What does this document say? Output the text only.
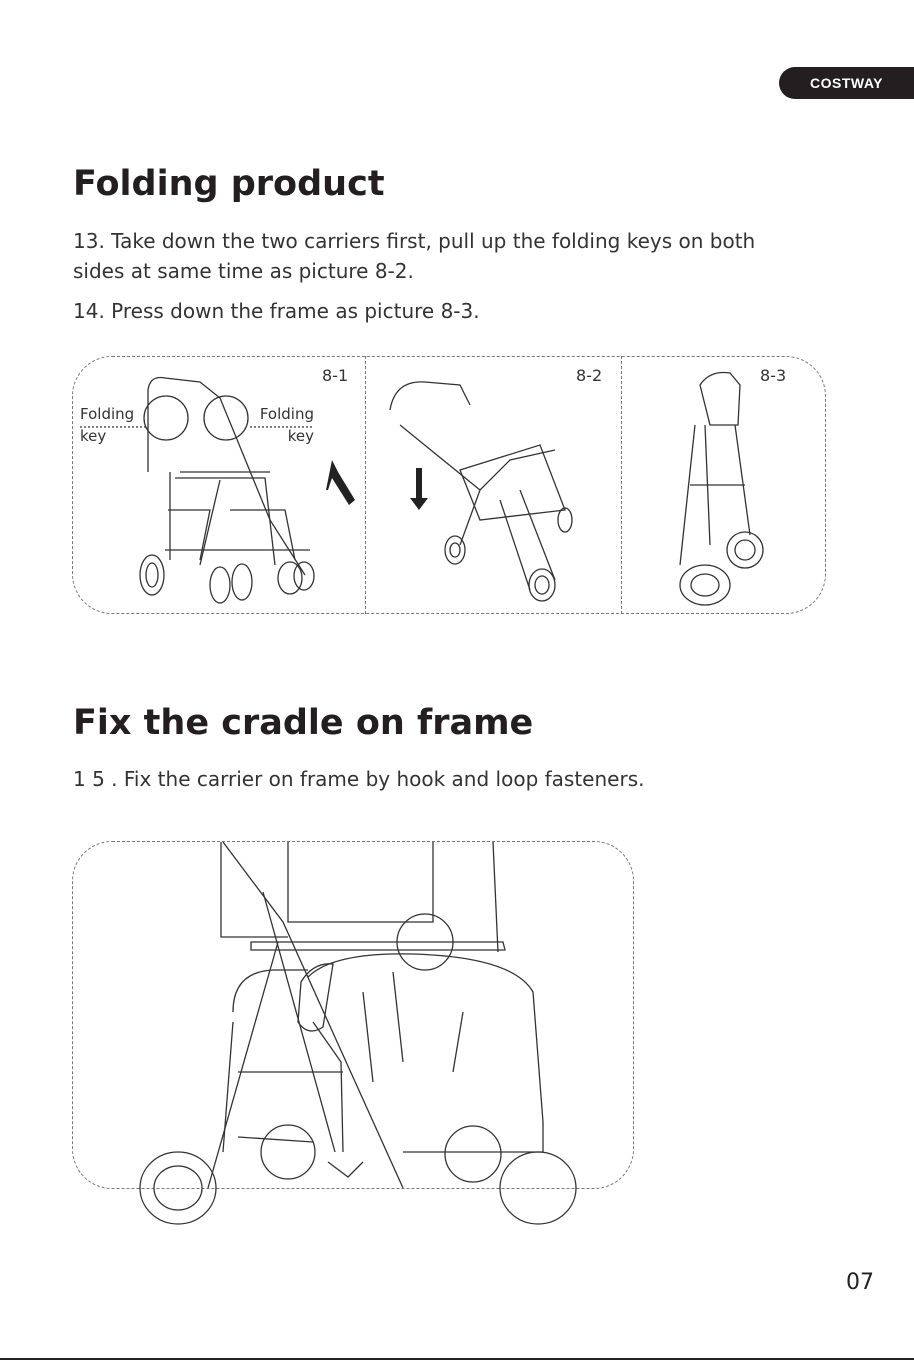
COSTWAY
Folding product

13. Take down the two carriers first, pull up the folding keys on both sides at same time as picture 8-2.

14. Press down the frame as picture 8-3.

8-1	8-2	8-3
Folding
key
Folding
key
Fix the cradle on frame

1 5 . Fix the carrier on frame by hook and loop fasteners.

07
